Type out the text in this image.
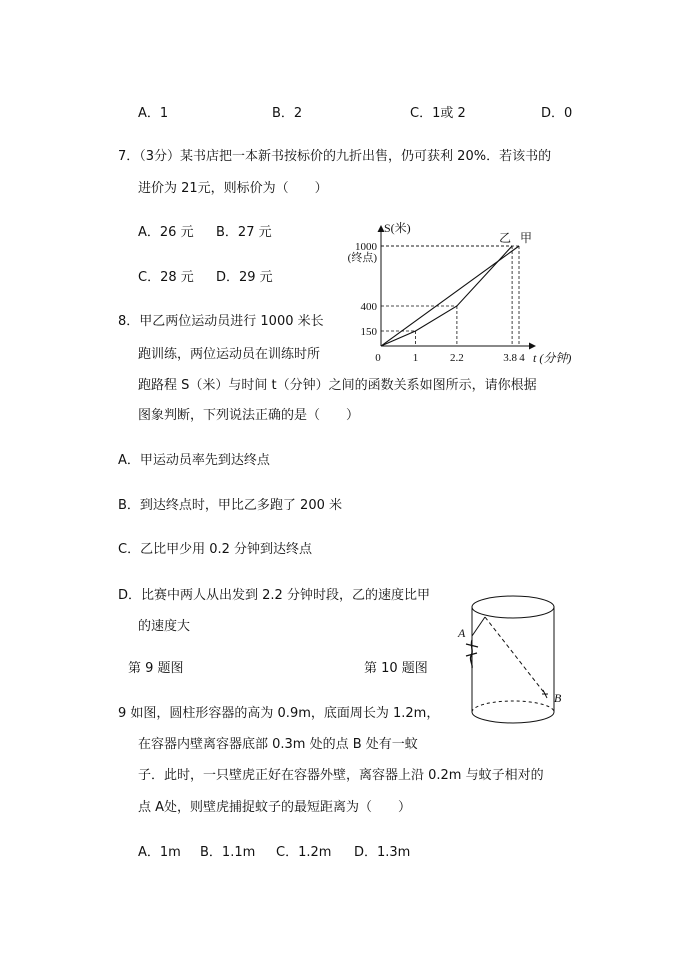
A．1	B．2	C．1或 2	D．0
7．（3分）某书店把一本新书按标价的九折出售，仍可获利 20%．若该书的
进价为 21元，则标价为（　　）
A．26 元 B．27 元
C．28 元 D．29 元
甲
乙
150
400
1000
(终点)
0	1	2.2	3.8 4
S(米)
t (分钟)
8．甲乙两位运动员进行 1000 米长
跑训练，两位运动员在训练时所
跑路程 S（米）与时间 t（分钟）之间的函数关系如图所示，请你根据
图象判断，下列说法正确的是（　　）
A．甲运动员率先到达终点
B．到达终点时，甲比乙多跑了 200 米
C．乙比甲少用 0.2 分钟到达终点
D．比赛中两人从出发到 2.2 分钟时段，乙的速度比甲
的速度大
第 9 题图	第 10 题图
A
B
9 如图，圆柱形容器的高为 0.9m，底面周长为 1.2m，
在容器内壁离容器底部 0.3m 处的点 B 处有一蚊
子．此时，一只壁虎正好在容器外壁，离容器上沿 0.2m 与蚊子相对的
点 A处，则壁虎捕捉蚊子的最短距离为（　　）
A．1m B．1.1m C．1.2m D．1.3m
